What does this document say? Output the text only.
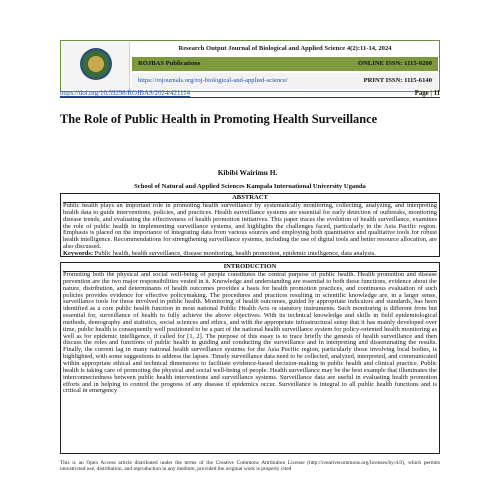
Research Output Journal of Biological and Applied Science 4(2):11-14, 2024
ROJBAS Publications	ONLINE ISSN: 1115-9200
https://rojournals.org/roj-biological-and-applied-science/	PRINT ISSN: 1115-6140
https://doi.org/10.59298/ROJBAS/2024/421114	Page | 11
The Role of Public Health in Promoting Health Surveillance

Kibibi Wairimu H.

School of Natural and Applied Sciences Kampala International University Uganda

ABSTRACT

Public health plays an important role in promoting health surveillance by systematically monitoring, collecting, analyzing, and interpreting health data to guide interventions, policies, and practices. Health surveillance systems are essential for early detection of outbreaks, monitoring disease trends, and evaluating the effectiveness of health promotion initiatives. This paper traces the evolution of health surveillance, examines the role of public health in implementing surveillance systems, and highlights the challenges faced, particularly in the Asia Pacific region. Emphasis is placed on the importance of integrating data from various sources and employing both quantitative and qualitative tools for robust health intelligence. Recommendations for strengthening surveillance systems, including the use of digital tools and better resource allocation, are also discussed.

Keywords: Public health, health surveillance, disease monitoring, health promotion, epidemic intelligence, data analysis.

INTRODUCTION

Promoting both the physical and social well-being of people constitutes the central purpose of public health. Health promotion and disease prevention are the two major responsibilities vested in it. Knowledge and understanding are essential to both these functions, evidence about the nature, distribution, and determinants of health outcomes provides a basis for health promotion practices, and continuous evaluation of such policies provides evidence for effective policymaking. The procedures and practices resulting in scientific knowledge are, in a larger sense, surveillance tools for those involved in public health. Monitoring of health outcomes, guided by appropriate indicators and standards, has been identified as a core public health function in most national Public Health Acts or statutory instruments. Such monitoring is different from but essential for, surveillance of health to fully achieve the above objectives. With its technical knowledge and skills in field epidemiological methods, demography and statistics, social sciences and ethics, and with the appropriate infrastructural setup that it has mainly developed over time, public health is consequently well positioned to be a part of the national health surveillance system for policy-oriented health monitoring as well as for epidemic intelligence, if called for [1, 2]. The purpose of this essay is to trace briefly the genesis of health surveillance and then discuss the roles and functions of public health in guiding and conducting the surveillance and in interpreting and disseminating the results. Finally, the current lag in many national health surveillance systems for the Asia Pacific region, particularly those involving local bodies, is highlighted, with some suggestions to address the lapses. Timely surveillance data need to be collected, analyzed, interpreted, and communicated within appropriate ethical and technical dimensions to facilitate evidence-based decision-making in public health and clinical practice. Public health is taking care of promoting the physical and social well-being of people. Health surveillance may be the best example that illuminates the interconnectedness between public health interventions and surveillance systems. Surveillance data are useful in evaluating health promotion efforts and in helping to control the progress of any disease if epidemics occur. Surveillance is integral to all public health functions and is critical in emergency

This is an Open Access article distributed under the terms of the Creative Commons Attribution License (http://creativecommons.org/licenses/by/4.0), which permits unrestricted use, distribution, and reproduction in any medium, provided the original work is properly cited
